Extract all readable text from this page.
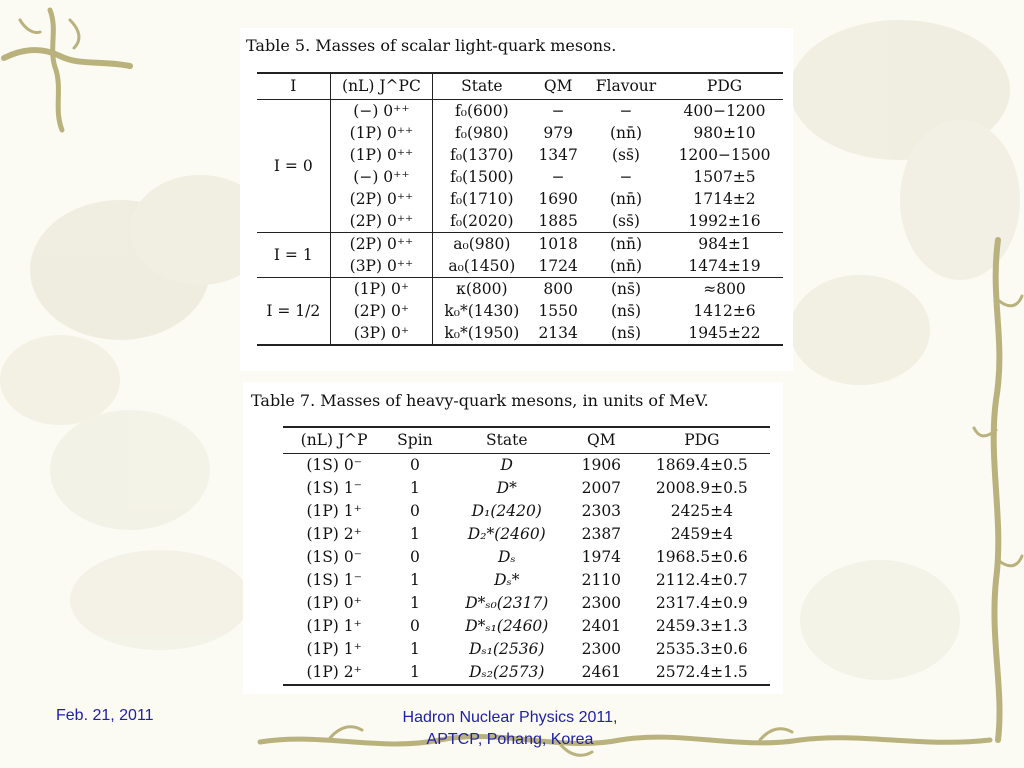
Table 5. Masses of scalar light-quark mesons.
I	(nL) J^PC	State	QM	Flavour	PDG
I = 0	(−) 0⁺⁺	f₀(600)	−	−	400−1200
	(1P) 0⁺⁺	f₀(980)	979	(nn̄)	980±10
	(1P) 0⁺⁺	f₀(1370)	1347	(ss̄)	1200−1500
	(−) 0⁺⁺	f₀(1500)	−	−	1507±5
	(2P) 0⁺⁺	f₀(1710)	1690	(nn̄)	1714±2
	(2P) 0⁺⁺	f₀(2020)	1885	(ss̄)	1992±16
I = 1	(2P) 0⁺⁺	a₀(980)	1018	(nn̄)	984±1
	(3P) 0⁺⁺	a₀(1450)	1724	(nn̄)	1474±19
I = 1/2	(1P) 0⁺	κ(800)	800	(ns̄)	≈800
	(2P) 0⁺	k₀*(1430)	1550	(ns̄)	1412±6
	(3P) 0⁺	k₀*(1950)	2134	(ns̄)	1945±22
Table 7. Masses of heavy-quark mesons, in units of MeV.
(nL) J^P	Spin	State	QM	PDG
(1S) 0⁻	0	D	1906	1869.4±0.5
(1S) 1⁻	1	D*	2007	2008.9±0.5
(1P) 1⁺	0	D₁(2420)	2303	2425±4
(1P) 2⁺	1	D₂*(2460)	2387	2459±4
(1S) 0⁻	0	Dₛ	1974	1968.5±0.6
(1S) 1⁻	1	Dₛ*	2110	2112.4±0.7
(1P) 0⁺	1	D*ₛ₀(2317)	2300	2317.4±0.9
(1P) 1⁺	0	D*ₛ₁(2460)	2401	2459.3±1.3
(1P) 1⁺	1	Dₛ₁(2536)	2300	2535.3±0.6
(1P) 2⁺	1	Dₛ₂(2573)	2461	2572.4±1.5
Feb. 21, 2011	Hadron Nuclear Physics 2011,
APTCP, Pohang, Korea
